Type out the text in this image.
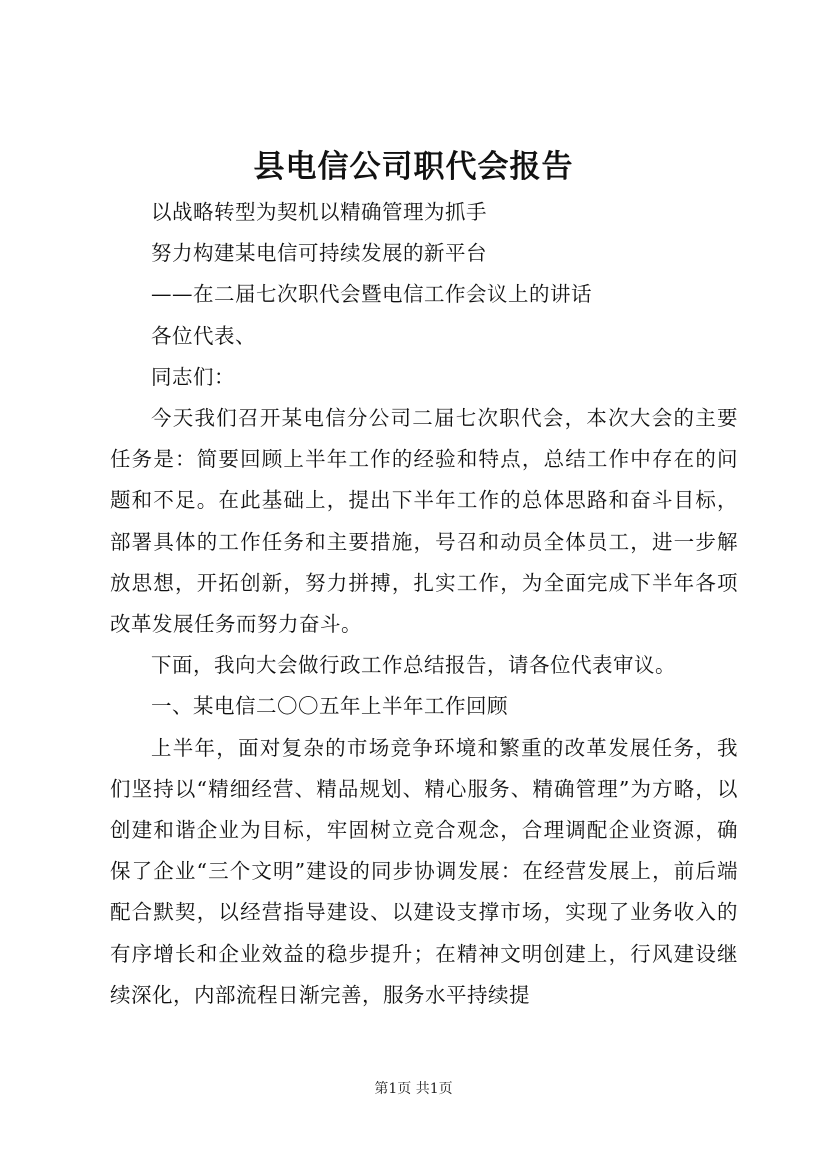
县电信公司职代会报告

以战略转型为契机以精确管理为抓手

努力构建某电信可持续发展的新平台

——在二届七次职代会暨电信工作会议上的讲话

各位代表、

同志们：

今天我们召开某电信分公司二届七次职代会，本次大会的主要任务是：简要回顾上半年工作的经验和特点，总结工作中存在的问题和不足。在此基础上，提出下半年工作的总体思路和奋斗目标，部署具体的工作任务和主要措施，号召和动员全体员工，进一步解放思想，开拓创新，努力拼搏，扎实工作，为全面完成下半年各项改革发展任务而努力奋斗。

下面，我向大会做行政工作总结报告，请各位代表审议。

一、某电信二〇〇五年上半年工作回顾

上半年，面对复杂的市场竞争环境和繁重的改革发展任务，我们坚持以“精细经营、精品规划、精心服务、精确管理”为方略，以创建和谐企业为目标，牢固树立竞合观念，合理调配企业资源，确保了企业“三个文明”建设的同步协调发展：在经营发展上，前后端配合默契，以经营指导建设、以建设支撑市场，实现了业务收入的有序增长和企业效益的稳步提升；在精神文明创建上，行风建设继续深化，内部流程日渐完善，服务水平持续提

第1页 共1页
